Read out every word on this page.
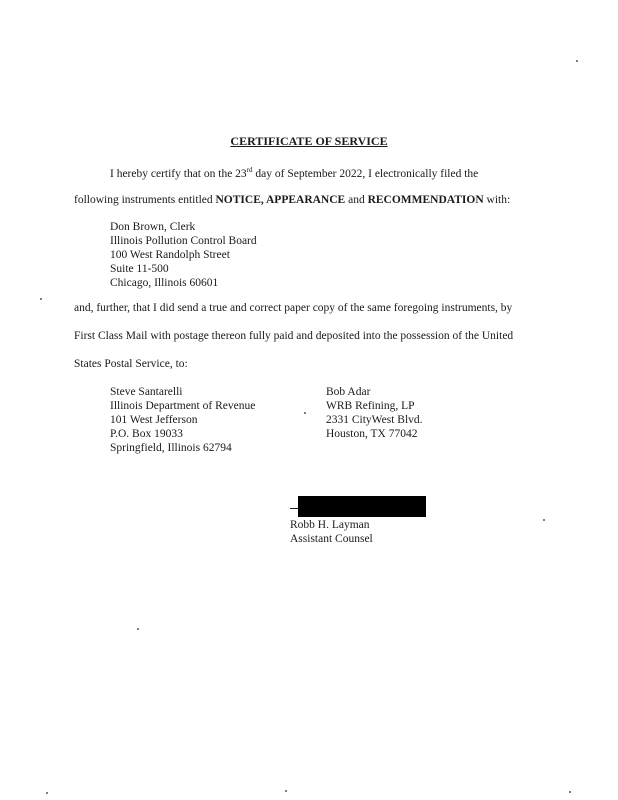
CERTIFICATE OF SERVICE
I hereby certify that on the 23rd day of September 2022, I electronically filed the
following instruments entitled NOTICE, APPEARANCE and RECOMMENDATION with:
Don Brown, Clerk
Illinois Pollution Control Board
100 West Randolph Street
Suite 11-500
Chicago, Illinois 60601
and, further, that I did send a true and correct paper copy of the same foregoing instruments, by
First Class Mail with postage thereon fully paid and deposited into the possession of the United
States Postal Service, to:
Steve Santarelli
Illinois Department of Revenue
101 West Jefferson
P.O. Box 19033
Springfield, Illinois 62794
Bob Adar
WRB Refining, LP
2331 CityWest Blvd.
Houston, TX 77042
Robb H. Layman
Assistant Counsel
